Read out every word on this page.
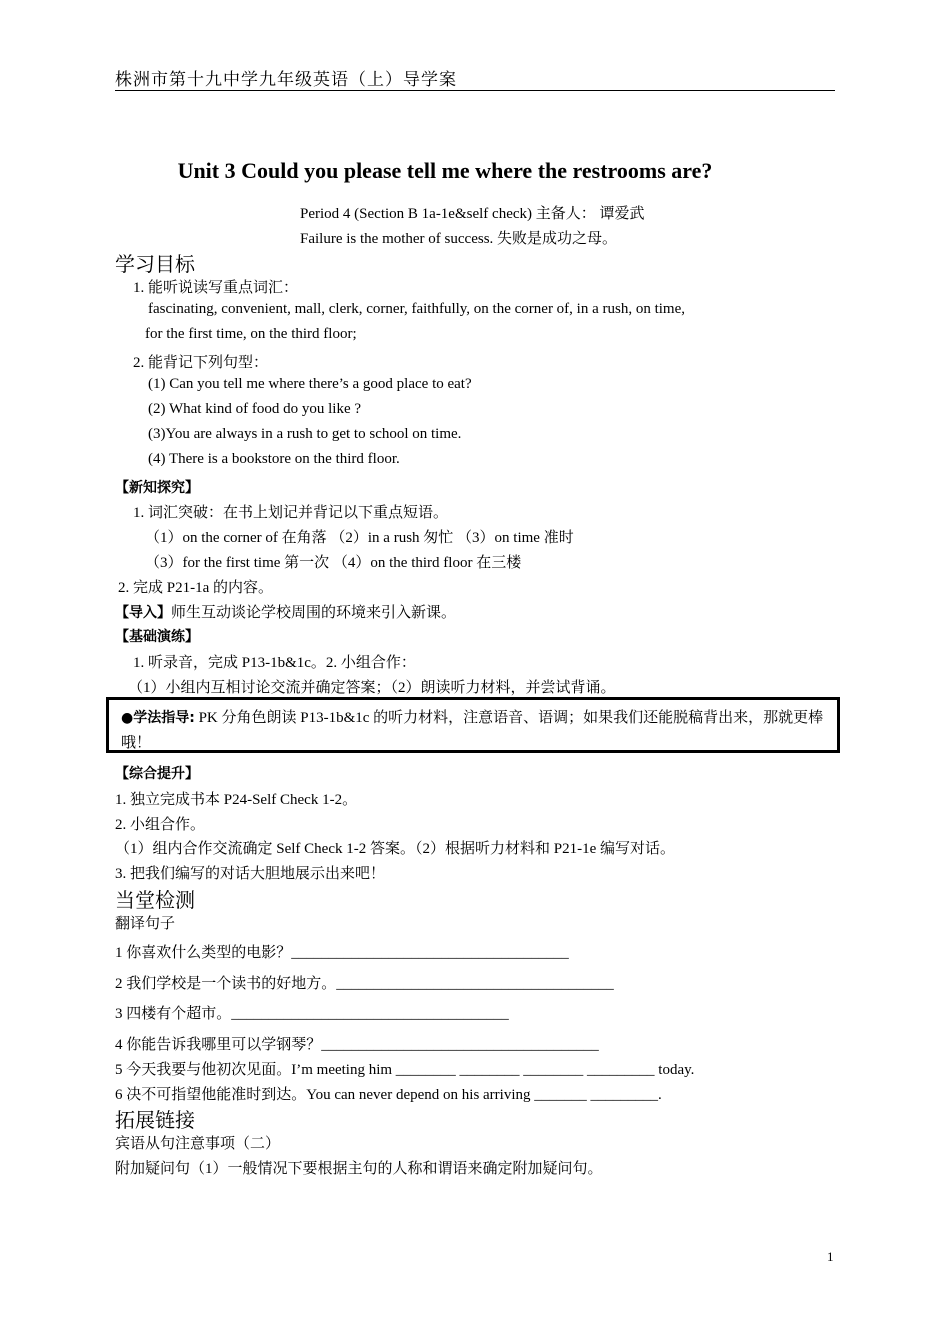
株洲市第十九中学九年级英语（上）导学案
Unit 3 Could you please tell me where the restrooms are?
Period 4 (Section B 1a-1e&self check) 主备人： 谭爱武
Failure is the mother of success. 失败是成功之母。
学习目标
1. 能听说读写重点词汇：
fascinating, convenient, mall, clerk, corner, faithfully, on the corner of, in a rush, on time,
for the first time, on the third floor;
2. 能背记下列句型：
(1) Can you tell me where there’s a good place to eat?
(2) What kind of food do you like ?
(3)You are always in a rush to get to school on time.
(4) There is a bookstore on the third floor.
【新知探究】
1. 词汇突破：在书上划记并背记以下重点短语。
（1）on the corner of 在角落 （2）in a rush 匆忙 （3）on time 准时
（3）for the first time 第一次 （4）on the third floor 在三楼
2. 完成 P21-1a 的内容。
【导入】师生互动谈论学校周围的环境来引入新课。
【基础演练】
1. 听录音，完成 P13-1b&1c。2. 小组合作：
（1）小组内互相讨论交流并确定答案；（2）朗读听力材料，并尝试背诵。
●学法指导: PK 分角色朗读 P13-1b&1c 的听力材料，注意语音、语调；如果我们还能脱稿背出来，那就更棒哦！
【综合提升】
1. 独立完成书本 P24-Self Check 1-2。
2. 小组合作。
（1）组内合作交流确定 Self Check 1-2 答案。（2）根据听力材料和 P21-1e 编写对话。
3. 把我们编写的对话大胆地展示出来吧！
当堂检测
翻译句子
1 你喜欢什么类型的电影？_____________________________________
2 我们学校是一个读书的好地方。_____________________________________
3 四楼有个超市。_____________________________________
4 你能告诉我哪里可以学钢琴？_____________________________________
5 今天我要与他初次见面。I’m meeting him ________ ________ ________ _________ today.
6 决不可指望他能准时到达。You can never depend on his arriving _______ _________.
拓展链接
宾语从句注意事项（二）
附加疑问句（1）一般情况下要根据主句的人称和谓语来确定附加疑问句。
1
